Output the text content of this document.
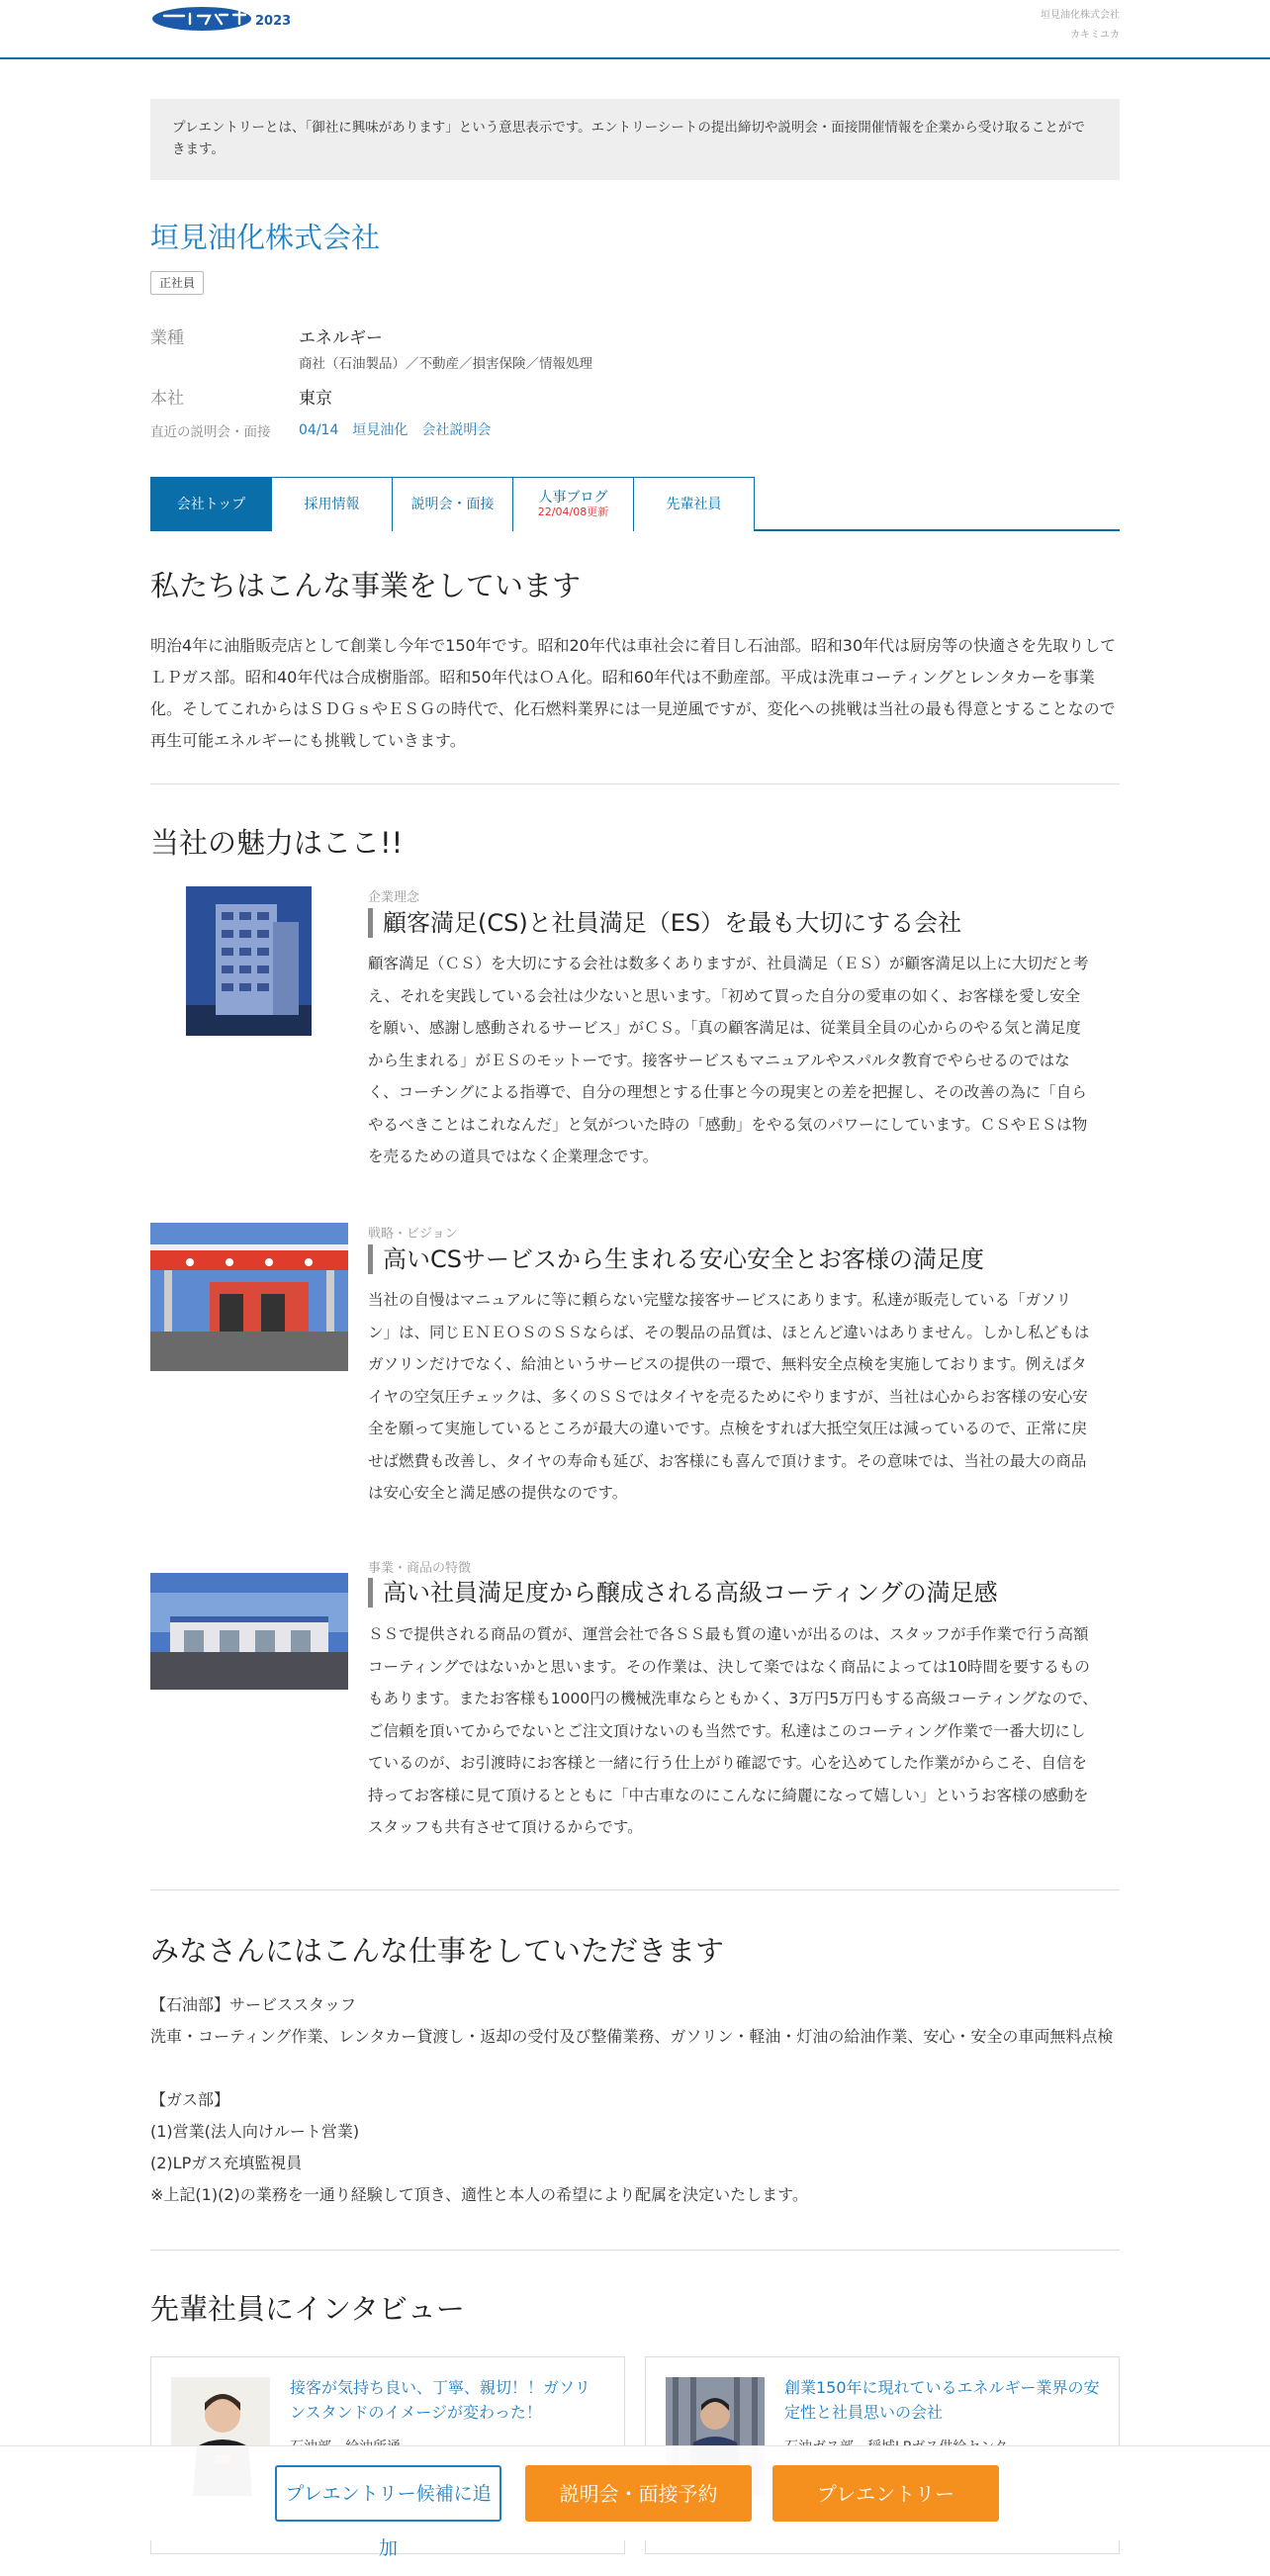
2023	垣見油化株式会社
カキミユカ
プレエントリーとは、「御社に興味があります」という意思表示です。エントリーシートの提出締切や説明会・面接開催情報を企業から受け取ることができます。
垣見油化株式会社
正社員
業種	エネルギー
商社（石油製品）／不動産／損害保険／情報処理
本社	東京
直近の説明会・面接 04/14　垣見油化　会社説明会
会社トップ	採用情報	説明会・面接	人事ブログ
22/04/08更新	先輩社員
私たちはこんな事業をしています
明治4年に油脂販売店として創業し今年で150年です。昭和20年代は車社会に着目し石油部。昭和30年代は厨房等の快適さを先取りして
ＬＰガス部。昭和40年代は合成樹脂部。昭和50年代はＯＡ化。昭和60年代は不動産部。平成は洗車コーティングとレンタカーを事業
化。そしてこれからはＳＤＧｓやＥＳＧの時代で、化石燃料業界には一見逆風ですが、変化への挑戦は当社の最も得意とすることなので
再生可能エネルギーにも挑戦していきます。
当社の魅力はここ!!
企業理念
顧客満足(CS)と社員満足（ES）を最も大切にする会社
顧客満足（ＣＳ）を大切にする会社は数多くありますが、社員満足（ＥＳ）が顧客満足以上に大切だと考
え、それを実践している会社は少ないと思います。「初めて買った自分の愛車の如く、お客様を愛し安全
を願い、感謝し感動されるサービス」がＣＳ。「真の顧客満足は、従業員全員の心からのやる気と満足度
から生まれる」がＥＳのモットーです。接客サービスもマニュアルやスパルタ教育でやらせるのではな
く、コーチングによる指導で、自分の理想とする仕事と今の現実との差を把握し、その改善の為に「自ら
やるべきことはこれなんだ」と気がついた時の「感動」をやる気のパワーにしています。ＣＳやＥＳは物
を売るための道具ではなく企業理念です。
戦略・ビジョン
高いCSサービスから生まれる安心安全とお客様の満足度
当社の自慢はマニュアルに等に頼らない完璧な接客サービスにあります。私達が販売している「ガソリ
ン」は、同じＥＮＥＯＳのＳＳならば、その製品の品質は、ほとんど違いはありません。しかし私どもは
ガソリンだけでなく、給油というサービスの提供の一環で、無料安全点検を実施しております。例えばタ
イヤの空気圧チェックは、多くのＳＳではタイヤを売るためにやりますが、当社は心からお客様の安心安
全を願って実施しているところが最大の違いです。点検をすれば大抵空気圧は減っているので、正常に戻
せば燃費も改善し、タイヤの寿命も延び、お客様にも喜んで頂けます。その意味では、当社の最大の商品
は安心安全と満足感の提供なのです。
事業・商品の特徴
高い社員満足度から醸成される高級コーティングの満足感
ＳＳで提供される商品の質が、運営会社で各ＳＳ最も質の違いが出るのは、スタッフが手作業で行う高額
コーティングではないかと思います。その作業は、決して楽ではなく商品によっては10時間を要するもの
もあります。またお客様も1000円の機械洗車ならともかく、3万円5万円もする高級コーティングなので、
ご信頼を頂いてからでないとご注文頂けないのも当然です。私達はこのコーティング作業で一番大切にし
ているのが、お引渡時にお客様と一緒に行う仕上がり確認です。心を込めてした作業がからこそ、自信を
持ってお客様に見て頂けるとともに「中古車なのにこんなに綺麗になって嬉しい」というお客様の感動を
スタッフも共有させて頂けるからです。
みなさんにはこんな仕事をしていただきます
【石油部】サービススタッフ
洗車・コーティング作業、レンタカー貸渡し・返却の受付及び整備業務、ガソリン・軽油・灯油の給油作業、安心・安全の車両無料点検
【ガス部】
(1)営業(法人向けルート営業)
(2)LPガス充填監視員
※上記(1)(2)の業務を一通り経験して頂き、適性と本人の希望により配属を決定いたします。
先輩社員にインタビュー
接客が気持ち良い、丁寧、親切！！ガソリンスタンドのイメージが変わった！
創業150年に現れているエネルギー業界の安定性と社員思いの会社
プレエントリー候補に追加
説明会・面接予約	プレエントリー
